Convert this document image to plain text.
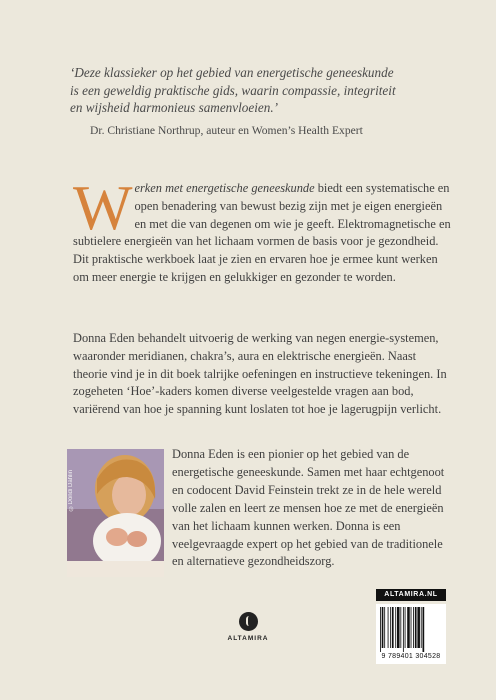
‘Deze klassieker op het gebied van energetische geneeskunde
is een geweldig praktische gids, waarin compassie, integriteit
en wijsheid harmonieus samenvloeien.’
Dr. Christiane Northrup, auteur en Women’s Health Expert
Werken met energetische geneeskunde biedt een systematische en open benadering van bewust bezig zijn met je eigen energieën en met die van degenen om wie je geeft. Elektromagnetische en subtielere energieën van het lichaam vormen de basis voor je gezondheid. Dit praktische werkboek laat je zien en ervaren hoe je ermee kunt werken om meer energie te krijgen en gelukkiger en gezonder te worden.
Donna Eden behandelt uitvoerig de werking van negen energie-systemen, waaronder meridianen, chakra’s, aura en elektrische energieën. Naast theorie vind je in dit boek talrijke oefeningen en instructieve tekeningen. In zogeheten ‘Hoe’-kaders komen diverse veelgestelde vragen aan bod, variërend van hoe je spanning kunt loslaten tot hoe je lagerugpijn verlicht.
©Dondi Dahlin
Donna Eden is een pionier op het gebied van de energetische geneeskunde. Samen met haar echtgenoot en codocent David Feinstein trekt ze in de hele wereld volle zalen en leert ze mensen hoe ze met de energieën van het lichaam kunnen werken. Donna is een veelgevraagde expert op het gebied van de traditionele en alternatieve gezondheidszorg.
ALTAMIRA
ALTAMIRA.NL
9 789401 304528
